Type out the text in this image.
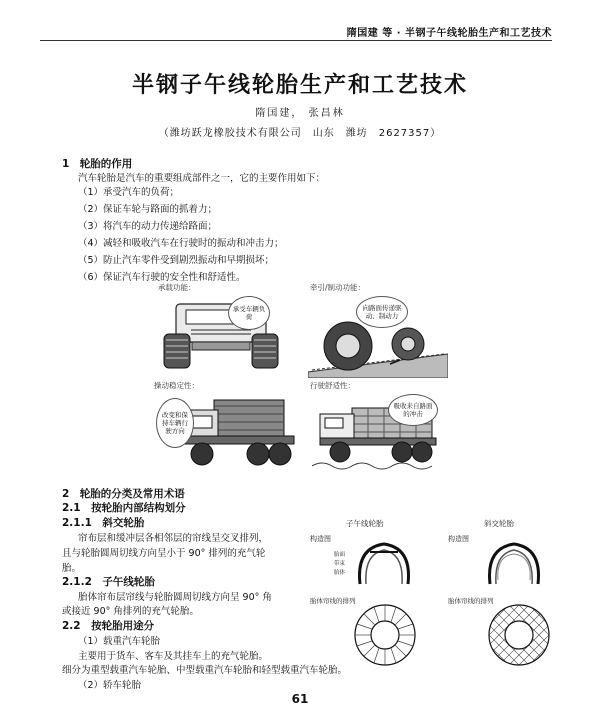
隋国建 等 · 半钢子午线轮胎生产和工艺技术
半钢子午线轮胎生产和工艺技术
隋国建， 张昌林
（潍坊跃龙橡胶技术有限公司　山东　潍坊　2627357）
1　轮胎的作用
汽车轮胎是汽车的重要组成部件之一，它的主要作用如下：
（1）承受汽车的负荷；
（2）保证车轮与路面的抓着力；
（3）将汽车的动力传递给路面；
（4）减轻和吸收汽车在行驶时的振动和冲击力；
（5）防止汽车零件受到剧烈振动和早期损坏；
（6）保证汽车行驶的安全性和舒适性。
承载功能：
承受车辆负荷
牵引/制动功能：
向路面传递驱动、制动力
操动稳定性：
改变和保持车辆行驶方向
行驶舒适性：
吸收来自路面的冲击
2　轮胎的分类及常用术语
2.1　按轮胎内部结构划分
2.1.1　斜交轮胎
帘布层和缓冲层各相邻层的帘线呈交叉排列，
且与轮胎圆周切线方向呈小于 90° 排列的充气轮
胎。
2.1.2　子午线轮胎
胎体帘布层帘线与轮胎圆周切线方向呈 90° 角
或接近 90° 角排列的充气轮胎。
2.2　按轮胎用途分
（1）载重汽车轮胎
主要用于货车、客车及其挂车上的充气轮胎。
细分为重型载重汽车轮胎、中型载重汽车轮胎和轻型载重汽车轮胎。
（2）轿车轮胎
子午线轮胎	斜交轮胎
构造图	构造图
胎面
带束
胎体
胎体帘线的排列	胎体帘线的排列
61
